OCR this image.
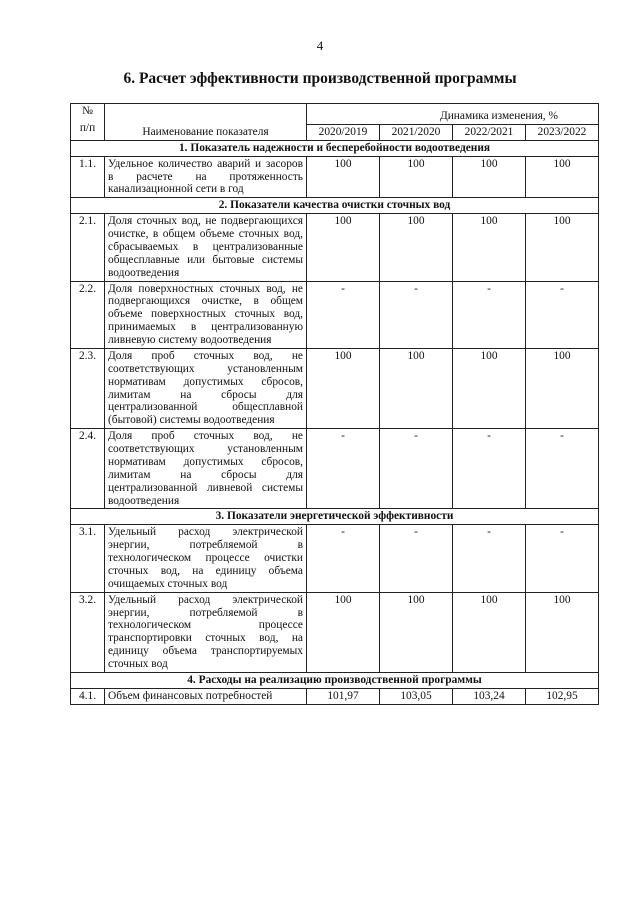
4
6. Расчет эффективности производственной программы
№
п/п	Наименование показателя	Динамика изменения, %			
		2020/2019	2021/2020	2022/2021	2023/2022
1. Показатель надежности и бесперебойности водоотведения					
1.1.	Удельное количество аварий и засоров в расчете на протяженность канализационной сети в год	100	100	100	100
2. Показатели качества очистки сточных вод					
2.1.	Доля сточных вод, не подвергающихся очистке, в общем объеме сточных вод, сбрасываемых в централизованные общесплавные или бытовые системы водоотведения	100	100	100	100
2.2.	Доля поверхностных сточных вод, не подвергающихся очистке, в общем объеме поверхностных сточных вод, принимаемых в централизованную ливневую систему водоотведения	-	-	-	-
2.3.	Доля проб сточных вод, не соответствующих установленным нормативам допустимых сбросов, лимитам на сбросы для централизованной общесплавной (бытовой) системы водоотведения	100	100	100	100
2.4.	Доля проб сточных вод, не соответствующих установленным нормативам допустимых сбросов, лимитам на сбросы для централизованной ливневой системы водоотведения	-	-	-	-
3. Показатели энергетической эффективности					
3.1.	Удельный расход электрической энергии, потребляемой в технологическом процессе очистки сточных вод, на единицу объема очищаемых сточных вод	-	-	-	-
3.2.	Удельный расход электрической энергии, потребляемой в технологическом процессе транспортировки сточных вод, на единицу объема транспортируемых сточных вод	100	100	100	100
4. Расходы на реализацию производственной программы					
4.1.	Объем финансовых потребностей	101,97	103,05	103,24	102,95
